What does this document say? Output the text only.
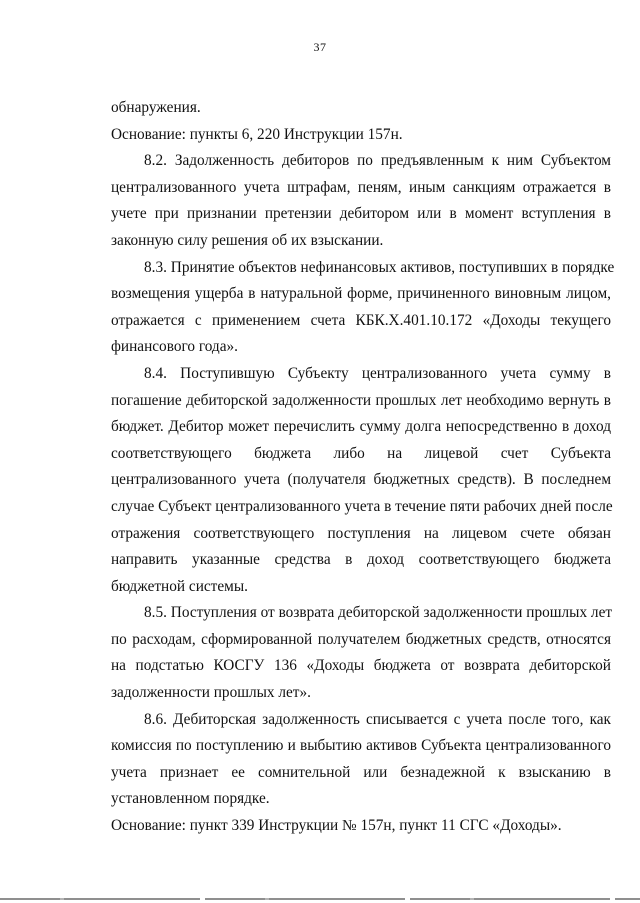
37
обнаружения.
Основание: пункты 6, 220 Инструкции 157н.
8.2. Задолженность дебиторов по предъявленным к ним Субъектом
централизованного учета штрафам, пеням, иным санкциям отражается в
учете при признании претензии дебитором или в момент вступления в
законную силу решения об их взыскании.
8.3. Принятие объектов нефинансовых активов, поступивших в порядке
возмещения ущерба в натуральной форме, причиненного виновным лицом,
отражается с применением счета КБК.X.401.10.172 «Доходы текущего
финансового года».
8.4. Поступившую Субъекту централизованного учета сумму в
погашение дебиторской задолженности прошлых лет необходимо вернуть в
бюджет. Дебитор может перечислить сумму долга непосредственно в доход
соответствующего бюджета либо на лицевой счет Субъекта
централизованного учета (получателя бюджетных средств). В последнем
случае Субъект централизованного учета в течение пяти рабочих дней после
отражения соответствующего поступления на лицевом счете обязан
направить указанные средства в доход соответствующего бюджета
бюджетной системы.
8.5. Поступления от возврата дебиторской задолженности прошлых лет
по расходам, сформированной получателем бюджетных средств, относятся
на подстатью КОСГУ 136 «Доходы бюджета от возврата дебиторской
задолженности прошлых лет».
8.6. Дебиторская задолженность списывается с учета после того, как
комиссия по поступлению и выбытию активов Субъекта централизованного
учета признает ее сомнительной или безнадежной к взысканию в
установленном порядке.
Основание: пункт 339 Инструкции № 157н, пункт 11 СГС «Доходы».
